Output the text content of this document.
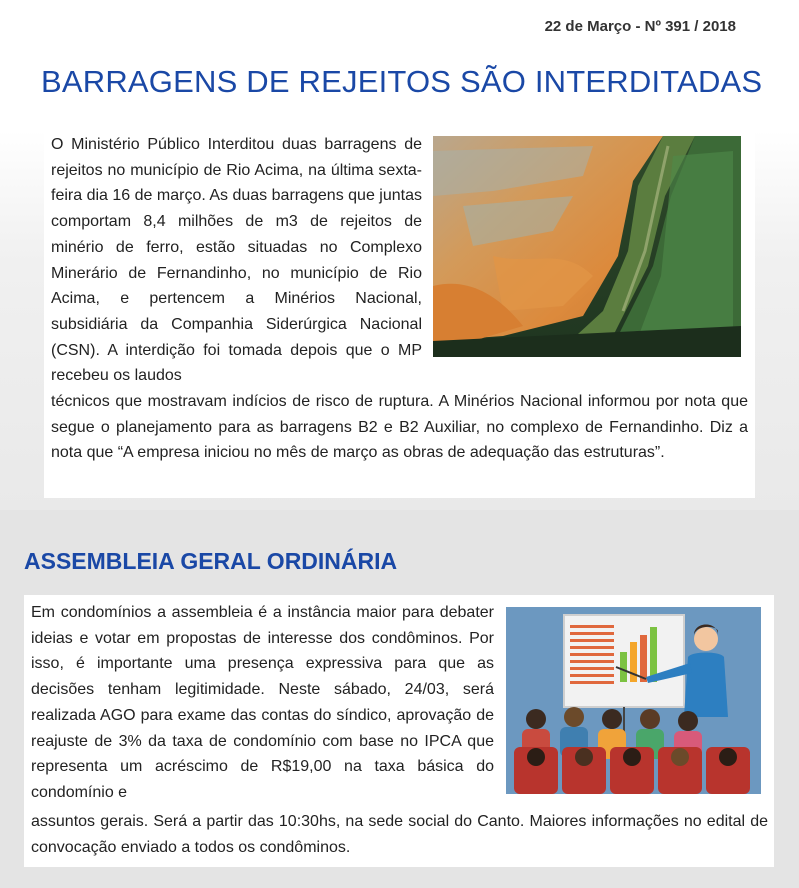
22 de Março - Nº 391 / 2018
BARRAGENS DE REJEITOS SÃO INTERDITADAS
O Ministério Público Interditou duas barragens de rejeitos no município de Rio Acima, na última sexta-feira dia 16 de março. As duas barragens que juntas comportam 8,4 milhões de m3 de rejeitos de minério de ferro, estão situadas no Complexo Minerário de Fernandinho, no município de Rio Acima, e pertencem a Minérios Nacional, subsidiária da Companhia Siderúrgica Nacional (CSN). A interdição foi tomada depois que o MP recebeu os laudos
técnicos que mostravam indícios de risco de ruptura. A Minérios Nacional informou por nota que segue o planejamento para as barragens B2 e B2 Auxiliar, no complexo de Fernandinho. Diz a nota que “A empresa iniciou no mês de março as obras de adequação das estruturas”.
ASSEMBLEIA GERAL ORDINÁRIA
Em condomínios a assembleia é a instância maior para debater ideias e votar em propostas de interesse dos condôminos. Por isso, é importante uma presença expressiva para que as decisões tenham legitimidade. Neste sábado, 24/03, será realizada AGO para exame das contas do síndico, aprovação de reajuste de 3% da taxa de condomínio com base no IPCA que representa um acréscimo de R$19,00 na taxa básica do condomínio e
assuntos gerais. Será a partir das 10:30hs, na sede social do Canto. Maiores informações no edital de convocação enviado a todos os condôminos.
